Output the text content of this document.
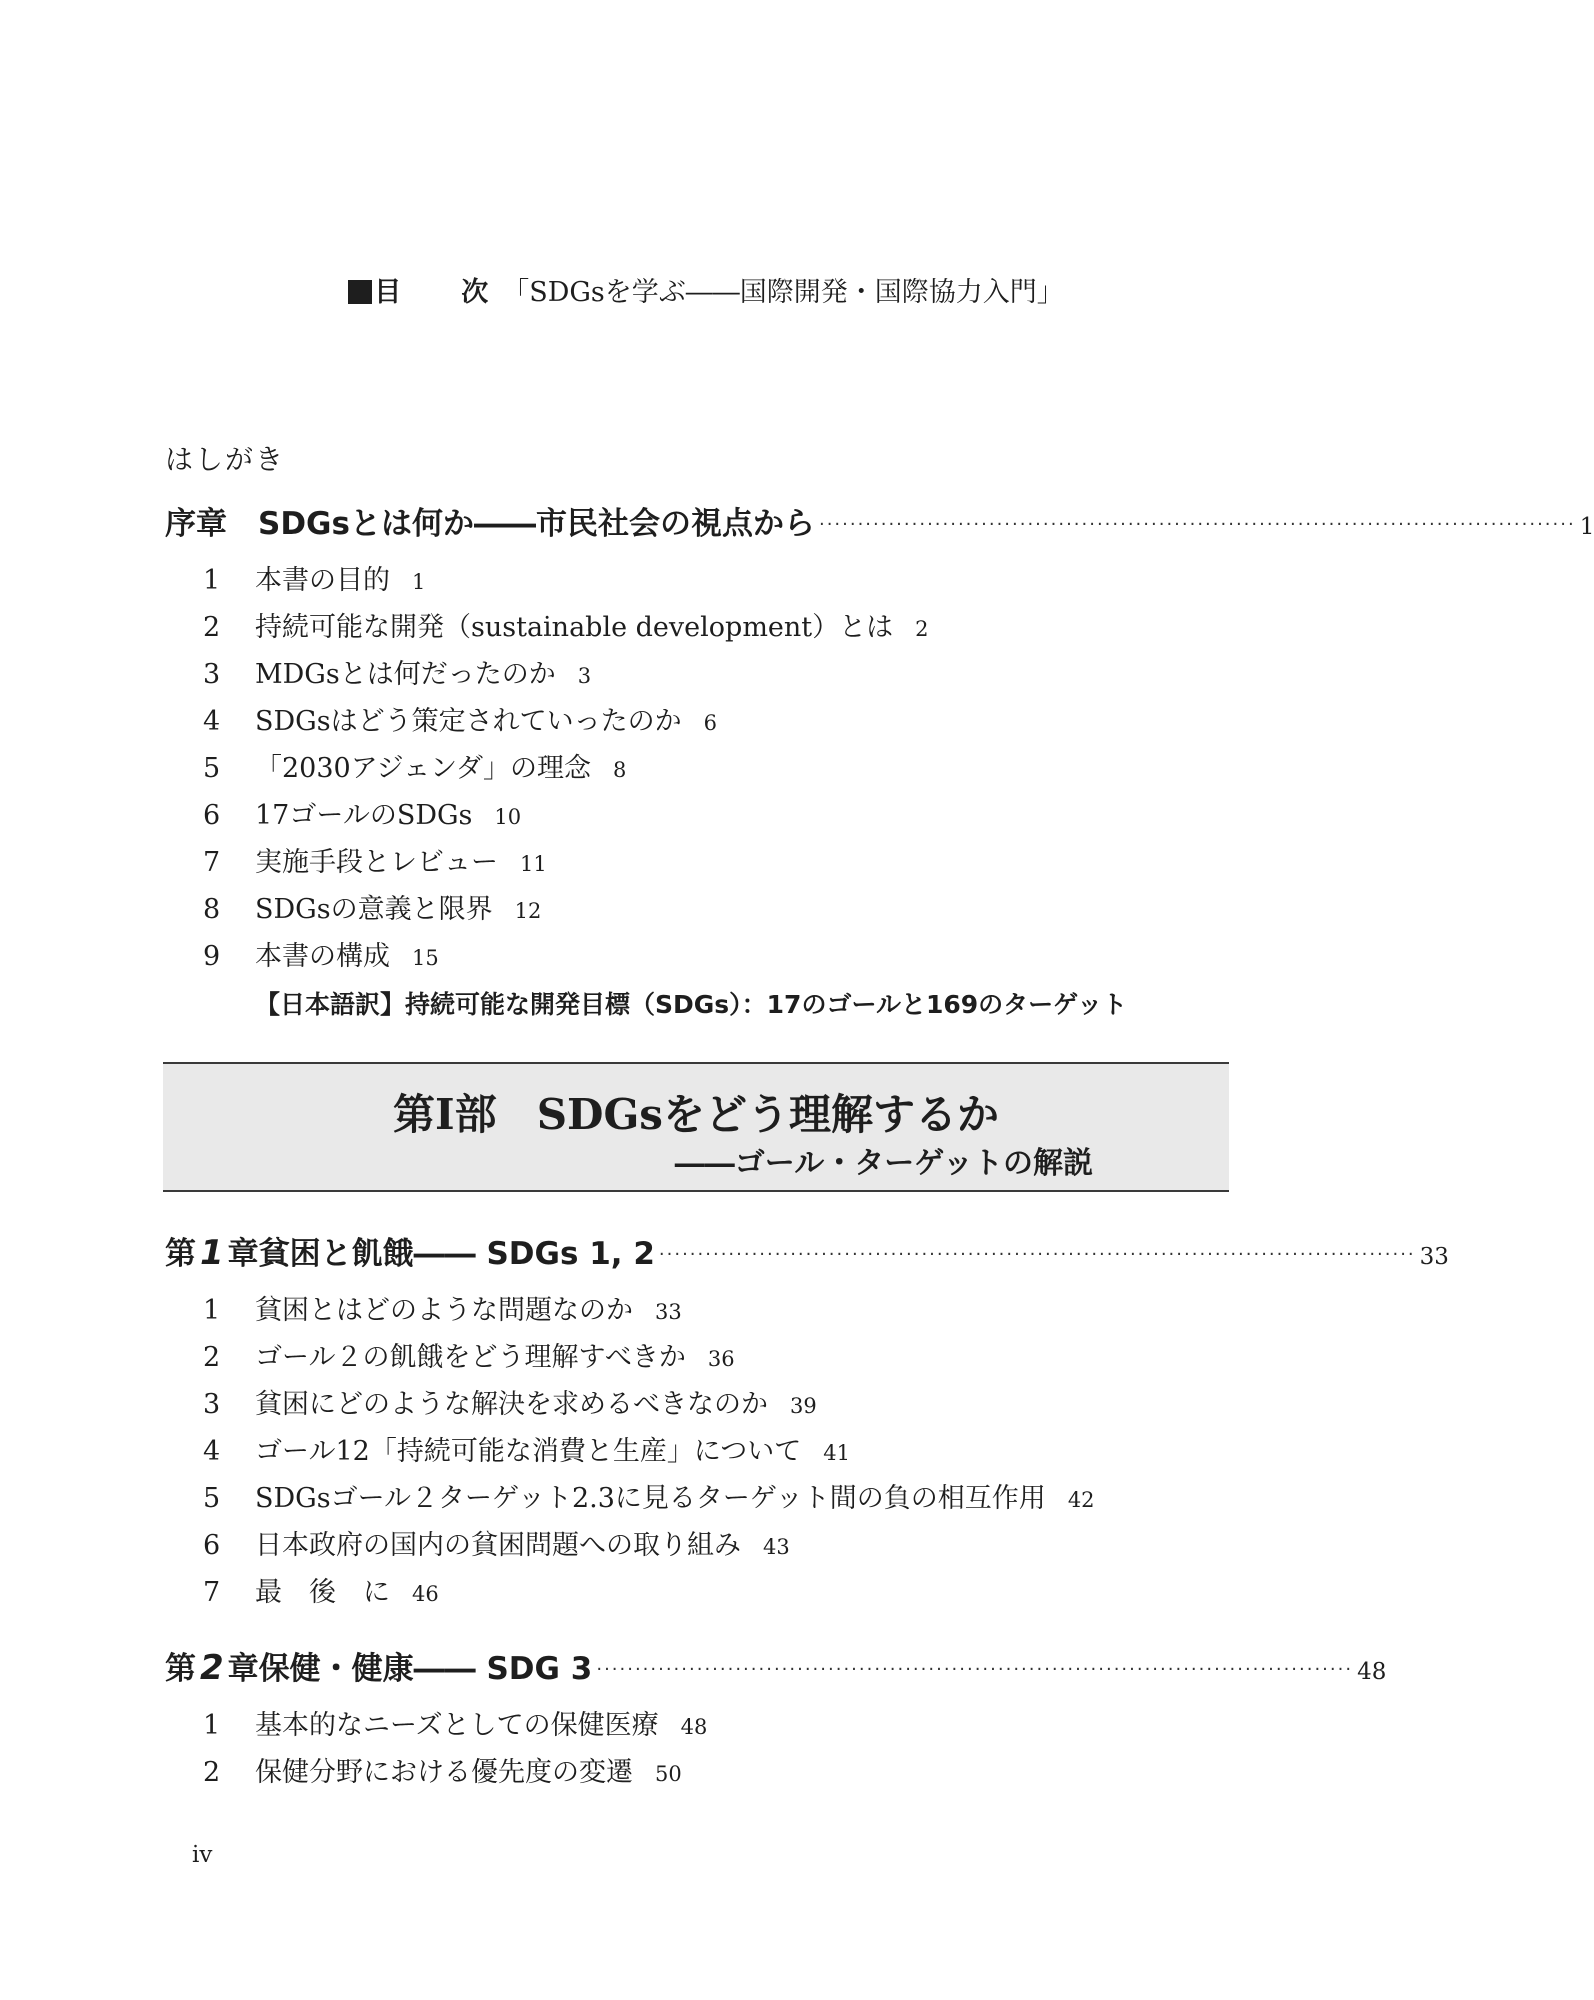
目 次 「SDGsを学ぶ――国際開発・国際協力入門」
はしがき
序章　SDGsとは何か――市民社会の視点から ·································································································· 1
1	本書の目的 1
2	持続可能な開発（sustainable development）とは 2
3	MDGsとは何だったのか 3
4	SDGsはどう策定されていったのか 6
5	「2030アジェンダ」の理念 8
6	17ゴールのSDGs 10
7	実施手段とレビュー 11
8	SDGsの意義と限界 12
9	本書の構成 15
【日本語訳】持続可能な開発目標（SDGs）：17のゴールと169のターゲット
第Ⅰ部 SDGsをどう理解するか
――ゴール・ターゲットの解説
第 1 章 貧困と飢餓―― SDGs 1, 2 ·································································································· 33
1	貧困とはどのような問題なのか 33
2	ゴール２の飢餓をどう理解すべきか 36
3	貧困にどのような解決を求めるべきなのか 39
4	ゴール12「持続可能な消費と生産」について 41
5	SDGsゴール２ターゲット2.3に見るターゲット間の負の相互作用 42
6	日本政府の国内の貧困問題への取り組み 43
7	最　後　に 46
第 2 章 保健・健康―― SDG 3 ·································································································· 48
1	基本的なニーズとしての保健医療 48
2	保健分野における優先度の変遷 50
iv
